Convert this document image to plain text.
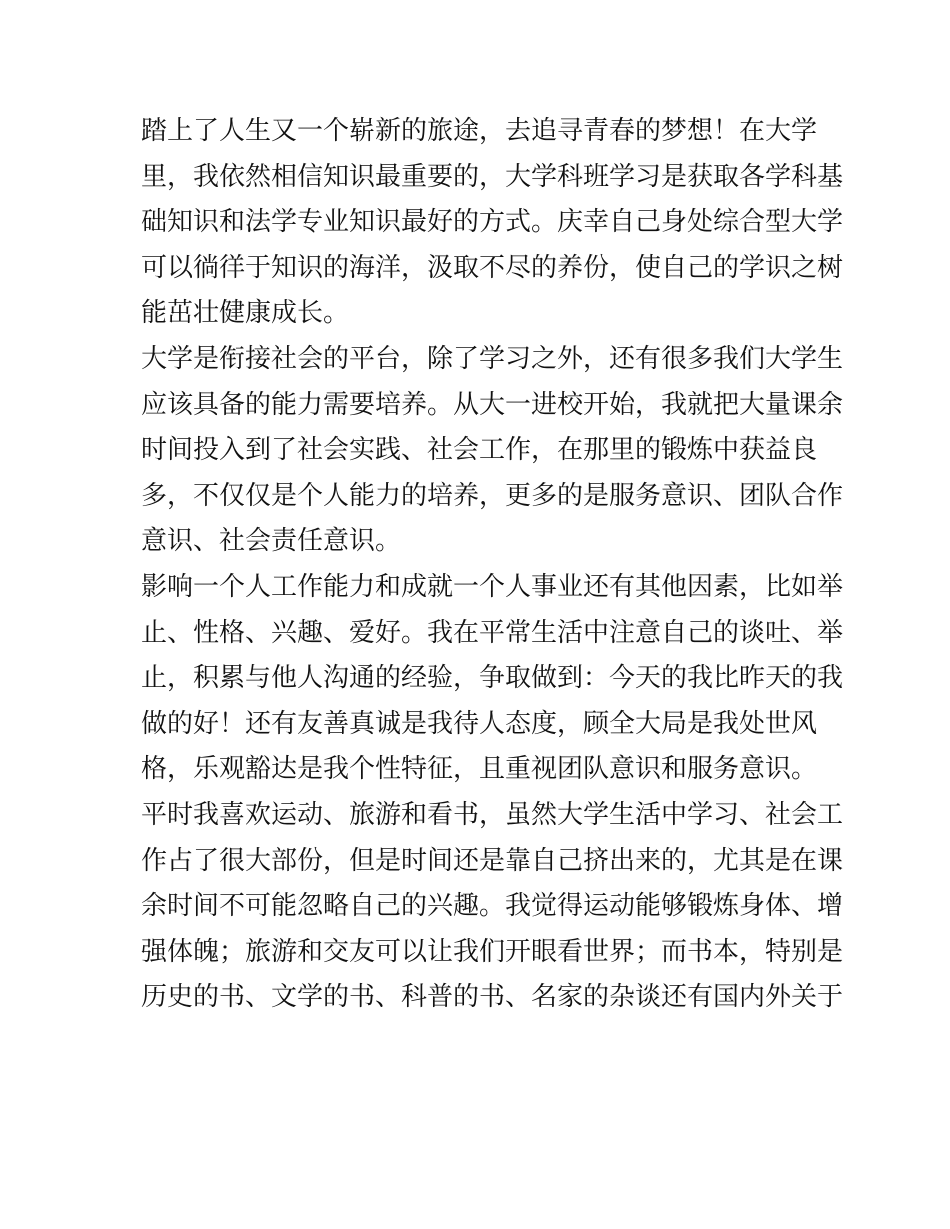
踏上了人生又一个崭新的旅途，去追寻青春的梦想！在大学
里，我依然相信知识最重要的，大学科班学习是获取各学科基
础知识和法学专业知识最好的方式。庆幸自己身处综合型大学
可以徜徉于知识的海洋，汲取不尽的养份，使自己的学识之树
能茁壮健康成长。
大学是衔接社会的平台，除了学习之外，还有很多我们大学生
应该具备的能力需要培养。从大一进校开始，我就把大量课余
时间投入到了社会实践、社会工作，在那里的锻炼中获益良
多，不仅仅是个人能力的培养，更多的是服务意识、团队合作
意识、社会责任意识。
影响一个人工作能力和成就一个人事业还有其他因素，比如举
止、性格、兴趣、爱好。我在平常生活中注意自己的谈吐、举
止，积累与他人沟通的经验，争取做到：今天的我比昨天的我
做的好！还有友善真诚是我待人态度，顾全大局是我处世风
格，乐观豁达是我个性特征，且重视团队意识和服务意识。
平时我喜欢运动、旅游和看书，虽然大学生活中学习、社会工
作占了很大部份，但是时间还是靠自己挤出来的，尤其是在课
余时间不可能忽略自己的兴趣。我觉得运动能够锻炼身体、增
强体魄；旅游和交友可以让我们开眼看世界；而书本，特别是
历史的书、文学的书、科普的书、名家的杂谈还有国内外关于
